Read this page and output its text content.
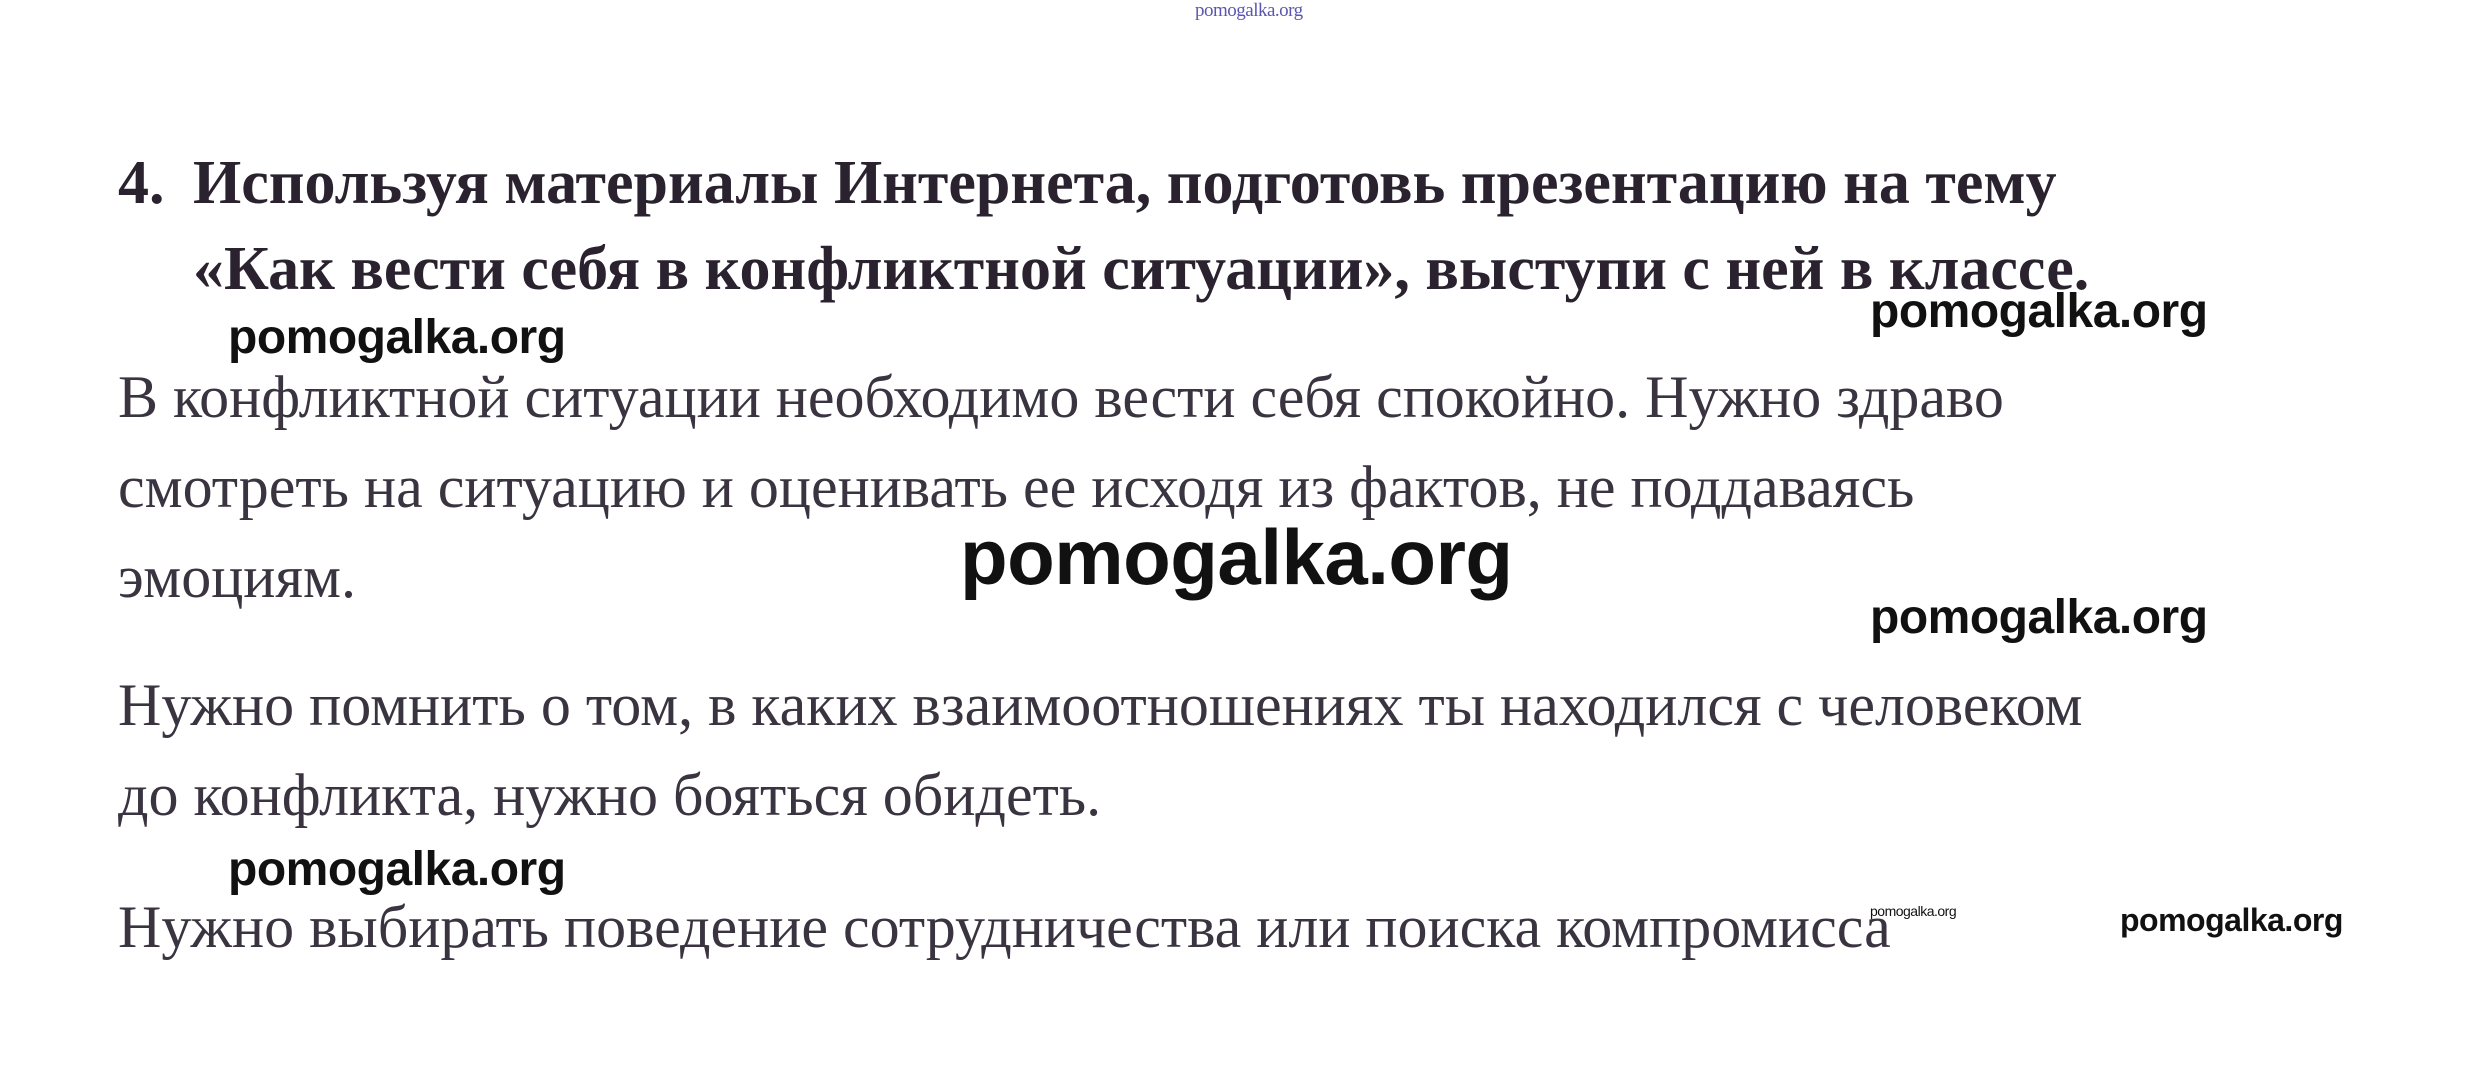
4. Используя материалы Интернета, подготовь презентацию на тему
«Как вести себя в конфликтной ситуации», выступи с ней в классе.
В конфликтной ситуации необходимо вести себя спокойно. Нужно здраво
смотреть на ситуацию и оценивать ее исходя из фактов, не поддаваясь
эмоциям.
Нужно помнить о том, в каких взаимоотношениях ты находился с человеком
до конфликта, нужно бояться обидеть.
Нужно выбирать поведение сотрудничества или поиска компромисса
pomogalka.org
pomogalka.org	pomogalka.org
pomogalka.org
pomogalka.org
pomogalka.org
pomogalka.org	pomogalka.org
